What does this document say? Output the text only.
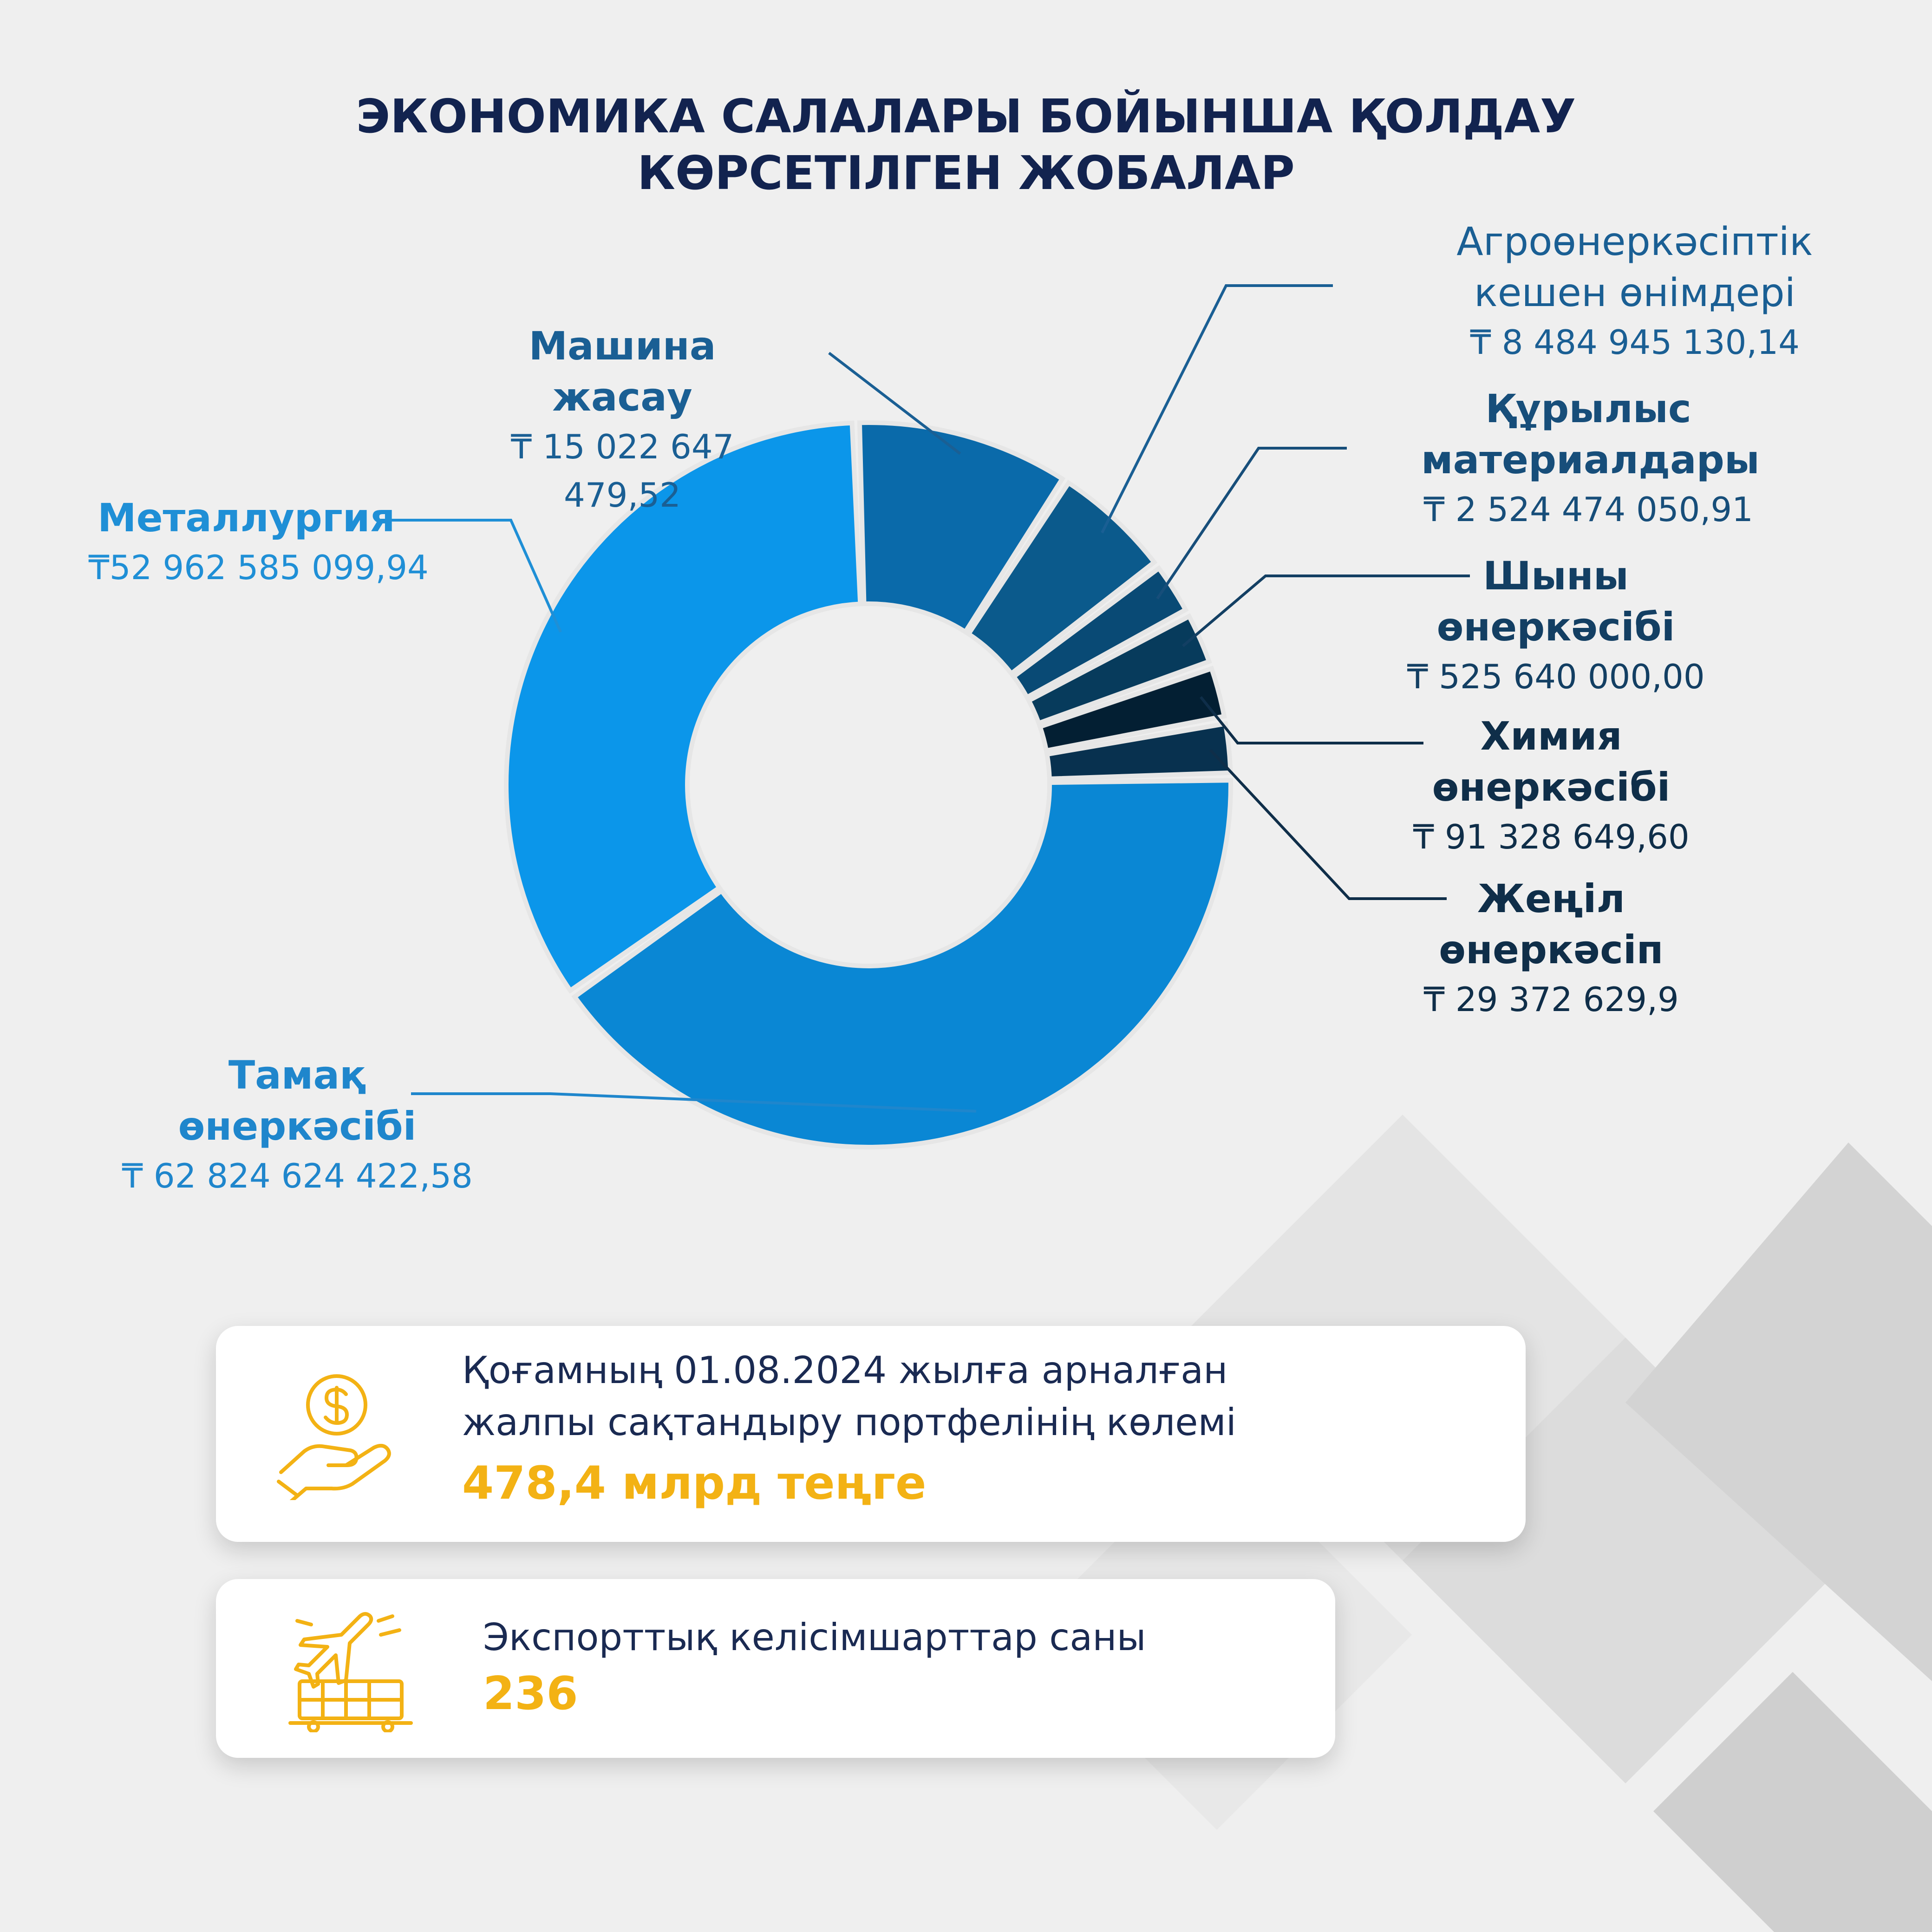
ЭКОНОМИКА САЛАЛАРЫ БОЙЫНША ҚОЛДАУ
КӨРСЕТІЛГЕН ЖОБАЛАР
Машина жасау
₸ 15 022 647 479,52
Агроөнеркәсіптік
кешен өнімдері
₸ 8 484 945 130,14
Құрылыс
материалдары
₸ 2 524 474 050,91
Шыны
өнеркәсібі
₸ 525 640 000,00
Химия
өнеркәсібі
₸ 91 328 649,60
Жеңіл
өнеркәсіп
₸ 29 372 629,9
Тамақ
өнеркәсібі
₸ 62 824 624 422,58
Металлургия
₸52 962 585 099,94
Қоғамның 01.08.2024 жылға арналған
жалпы сақтандыру портфелінің көлемі
478,4 млрд теңге
Экспорттық келісімшарттар саны
236
